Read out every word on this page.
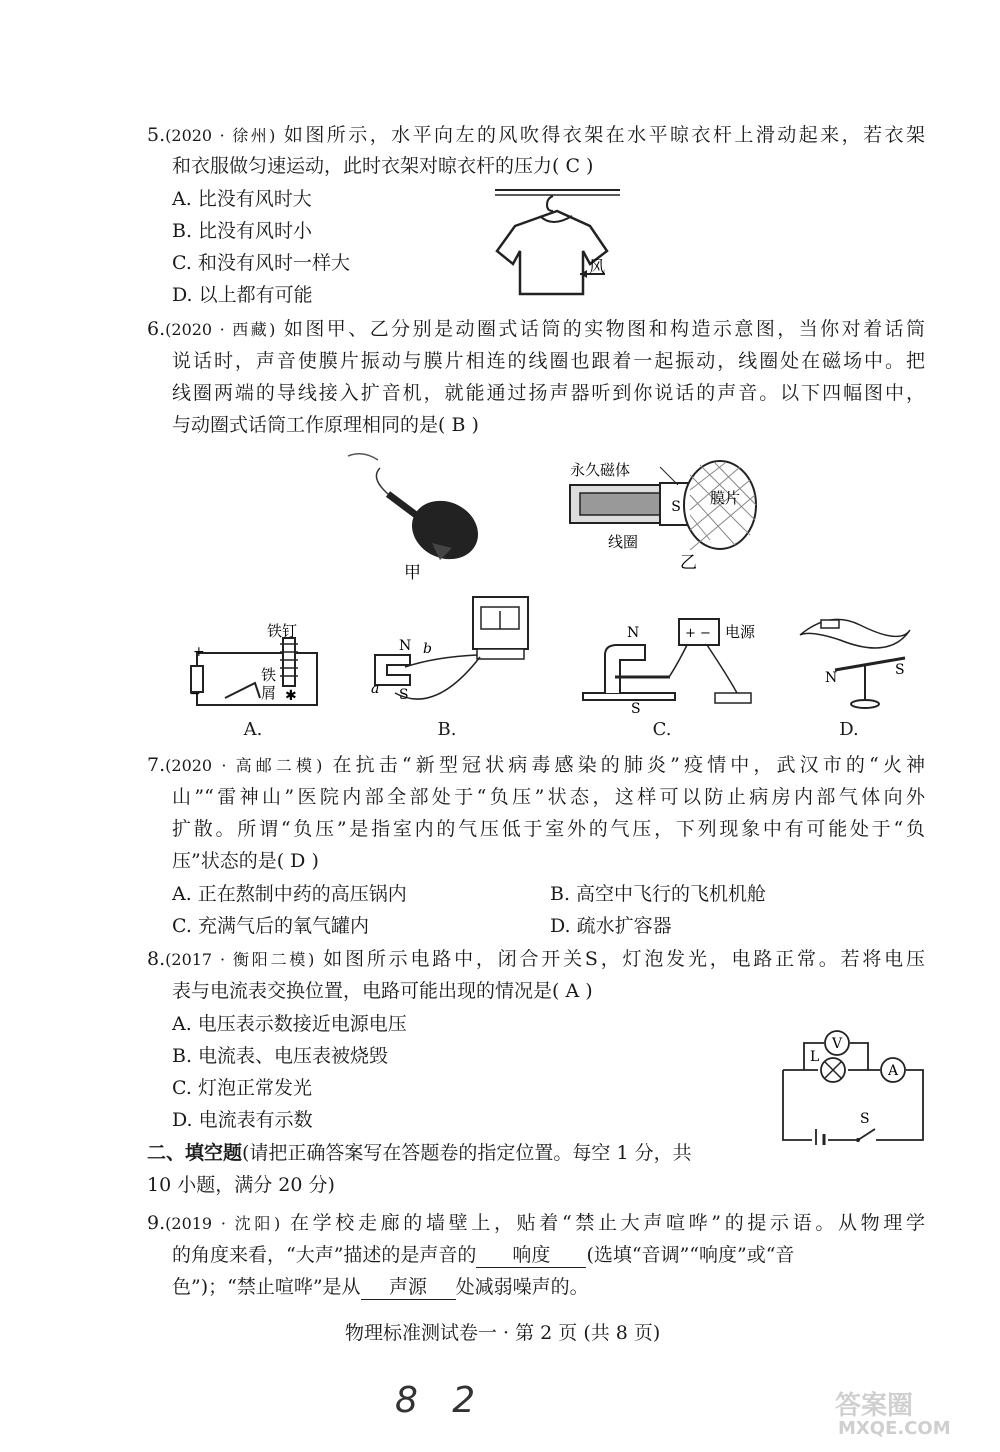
5.(2020 · 徐州) 如图所示，水平向左的风吹得衣架在水平晾衣杆上滑动起来，若衣架
和衣服做匀速运动，此时衣架对晾衣杆的压力( C )
A. 比没有风时大
B. 比没有风时小
C. 和没有风时一样大
D. 以上都有可能
风
6.(2020 · 西藏) 如图甲、乙分别是动圈式话筒的实物图和构造示意图，当你对着话筒
说话时，声音使膜片振动与膜片相连的线圈也跟着一起振动，线圈处在磁场中。把
线圈两端的导线接入扩音机，就能通过扬声器听到你说话的声音。以下四幅图中，
与动圈式话筒工作原理相同的是( B )
甲
S
永久磁体
膜片
线圈
乙
+
−
铁钉
铁
屑 ✱
N
S
a
b
+ − 电源
N
S
N	S
A.	B.	C.	D.
7.(2020 · 高邮二模) 在抗击“新型冠状病毒感染的肺炎”疫情中，武汉市的“火神
山”“雷神山”医院内部全部处于“负压”状态，这样可以防止病房内部气体向外
扩散。所谓“负压”是指室内的气压低于室外的气压，下列现象中有可能处于“负
压”状态的是( D )
A. 正在熬制中药的高压锅内	B. 高空中飞行的飞机机舱
C. 充满气后的氧气罐内	D. 疏水扩容器
8.(2017 · 衡阳二模) 如图所示电路中，闭合开关S，灯泡发光，电路正常。若将电压
表与电流表交换位置，电路可能出现的情况是( A )
A. 电压表示数接近电源电压
B. 电流表、电压表被烧毁
C. 灯泡正常发光
D. 电流表有示数
V
L
A
S
二、填空题(请把正确答案写在答题卷的指定位置。每空 1 分，共
10 小题，满分 20 分)
9.(2019 · 沈阳) 在学校走廊的墙壁上，贴着“禁止大声喧哗”的提示语。从物理学
的角度来看，“大声”描述的是声音的 响度 (选填“音调”“响度”或“音
色”)；“禁止喧哗”是从 声源 处减弱噪声的。
物理标准测试卷一 · 第 2 页 (共 8 页)
8   2	答案圈
MXQE.COM
